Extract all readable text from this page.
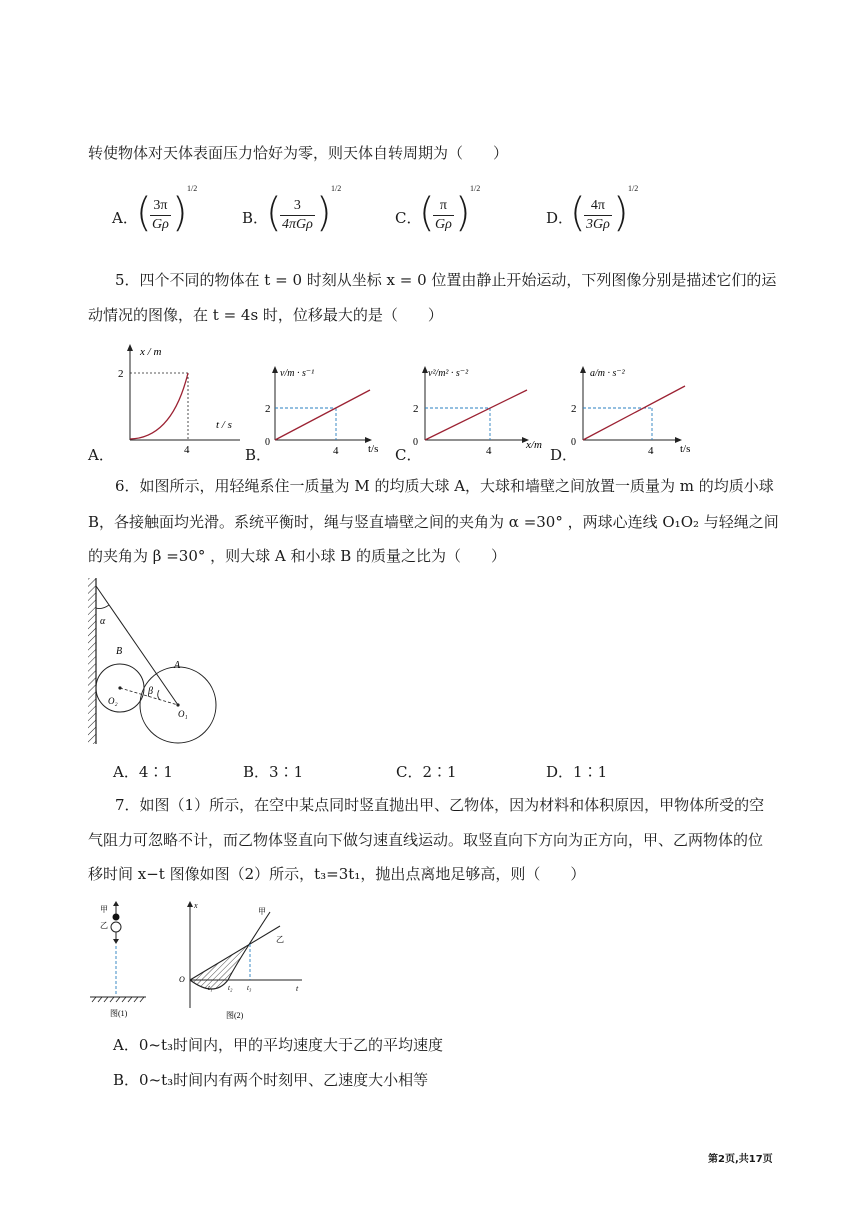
转使物体对天体表面压力恰好为零，则天体自转周期为（　　）
A．
( 3π
Gρ )
1/2
B．
( 3
4πGρ )
1/2
C．
( π
Gρ )
1/2
D．
( 4π
3Gρ )
1/2
5．四个不同的物体在 t = 0 时刻从坐标 x = 0 位置由静止开始运动，下列图像分别是描述它们的运
动情况的图像，在 t = 4s 时，位移最大的是（　　）
A．
x / m
t / s
2
4	B．
v/m · s⁻¹
t/s
2
0
4	C．
v²/m² · s⁻²
x/m
2
0
4	D．
a/m · s⁻²
t/s
2
0
4
6．如图所示，用轻绳系住一质量为 M 的均质大球 A，大球和墙壁之间放置一质量为 m 的均质小球
B，各接触面均光滑。系统平衡时，绳与竖直墙壁之间的夹角为 α =30° ，两球心连线 O₁O₂ 与轻绳之间
的夹角为 β =30° ，则大球 A 和小球 B 的质量之比为（　　）
α
β
B
A
O₂
O₁
A．4∶1	B．3∶1	C．2∶1	D．1∶1
7．如图（1）所示，在空中某点同时竖直抛出甲、乙物体，因为材料和体积原因，甲物体所受的空
气阻力可忽略不计，而乙物体竖直向下做匀速直线运动。取竖直向下方向为正方向，甲、乙两物体的位
移时间 x−t 图像如图（2）所示，t₃=3t₁，抛出点离地足够高，则（　　）
甲
乙
图(1)
x
O
t
t₁ t₂ t₃
甲
乙
图(2)
A．0~t₃时间内，甲的平均速度大于乙的平均速度
B．0~t₃时间内有两个时刻甲、乙速度大小相等
第2页,共17页
